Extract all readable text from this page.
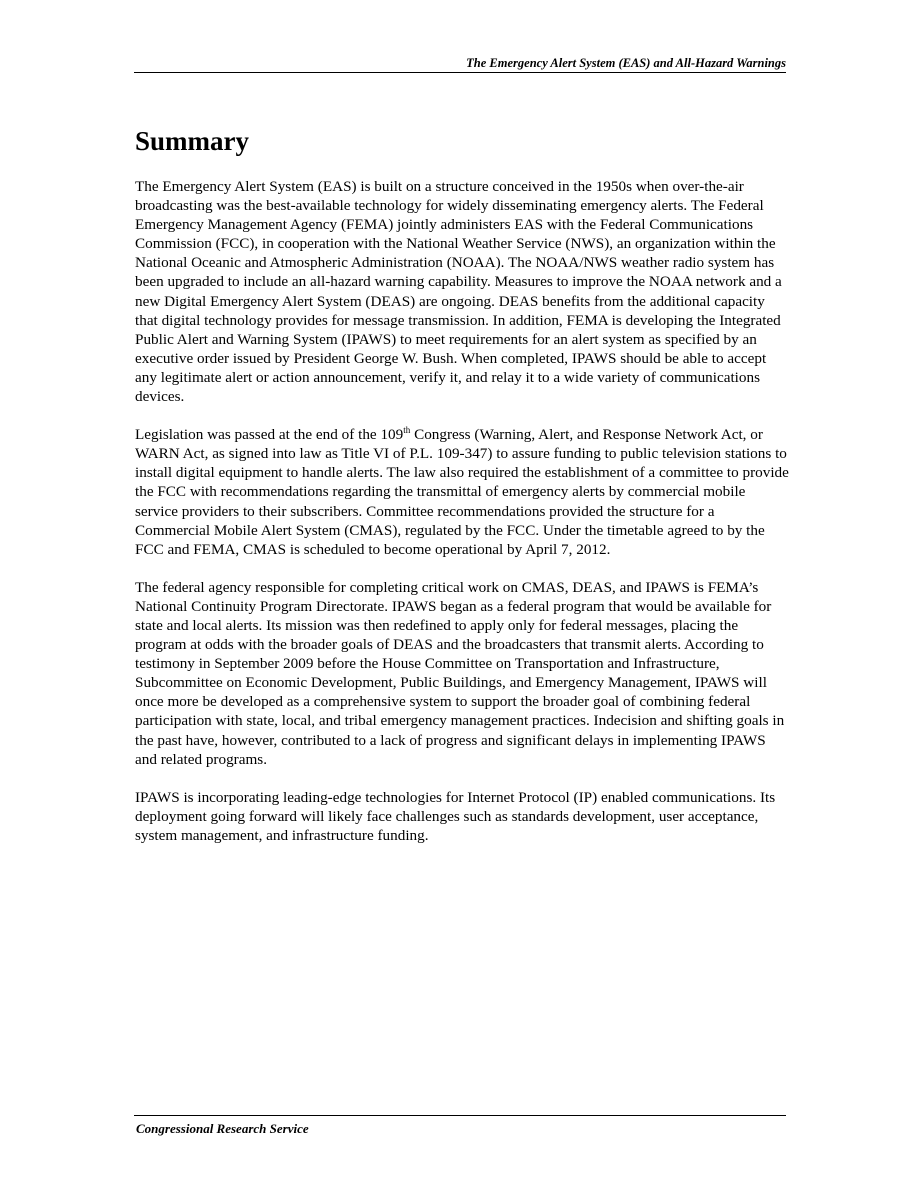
The Emergency Alert System (EAS) and All-Hazard Warnings
Summary

The Emergency Alert System (EAS) is built on a structure conceived in the 1950s when over-the-air broadcasting was the best-available technology for widely disseminating emergency alerts. The Federal Emergency Management Agency (FEMA) jointly administers EAS with the Federal Communications Commission (FCC), in cooperation with the National Weather Service (NWS), an organization within the National Oceanic and Atmospheric Administration (NOAA). The NOAA/NWS weather radio system has been upgraded to include an all-hazard warning capability. Measures to improve the NOAA network and a new Digital Emergency Alert System (DEAS) are ongoing. DEAS benefits from the additional capacity that digital technology provides for message transmission. In addition, FEMA is developing the Integrated Public Alert and Warning System (IPAWS) to meet requirements for an alert system as specified by an executive order issued by President George W. Bush. When completed, IPAWS should be able to accept any legitimate alert or action announcement, verify it, and relay it to a wide variety of communications devices.

Legislation was passed at the end of the 109th Congress (Warning, Alert, and Response Network Act, or WARN Act, as signed into law as Title VI of P.L. 109-347) to assure funding to public television stations to install digital equipment to handle alerts. The law also required the establishment of a committee to provide the FCC with recommendations regarding the transmittal of emergency alerts by commercial mobile service providers to their subscribers. Committee recommendations provided the structure for a Commercial Mobile Alert System (CMAS), regulated by the FCC. Under the timetable agreed to by the FCC and FEMA, CMAS is scheduled to become operational by April 7, 2012.

The federal agency responsible for completing critical work on CMAS, DEAS, and IPAWS is FEMA’s National Continuity Program Directorate. IPAWS began as a federal program that would be available for state and local alerts. Its mission was then redefined to apply only for federal messages, placing the program at odds with the broader goals of DEAS and the broadcasters that transmit alerts. According to testimony in September 2009 before the House Committee on Transportation and Infrastructure, Subcommittee on Economic Development, Public Buildings, and Emergency Management, IPAWS will once more be developed as a comprehensive system to support the broader goal of combining federal participation with state, local, and tribal emergency management practices. Indecision and shifting goals in the past have, however, contributed to a lack of progress and significant delays in implementing IPAWS and related programs.

IPAWS is incorporating leading-edge technologies for Internet Protocol (IP) enabled communications. Its deployment going forward will likely face challenges such as standards development, user acceptance, system management, and infrastructure funding.

Congressional Research Service
